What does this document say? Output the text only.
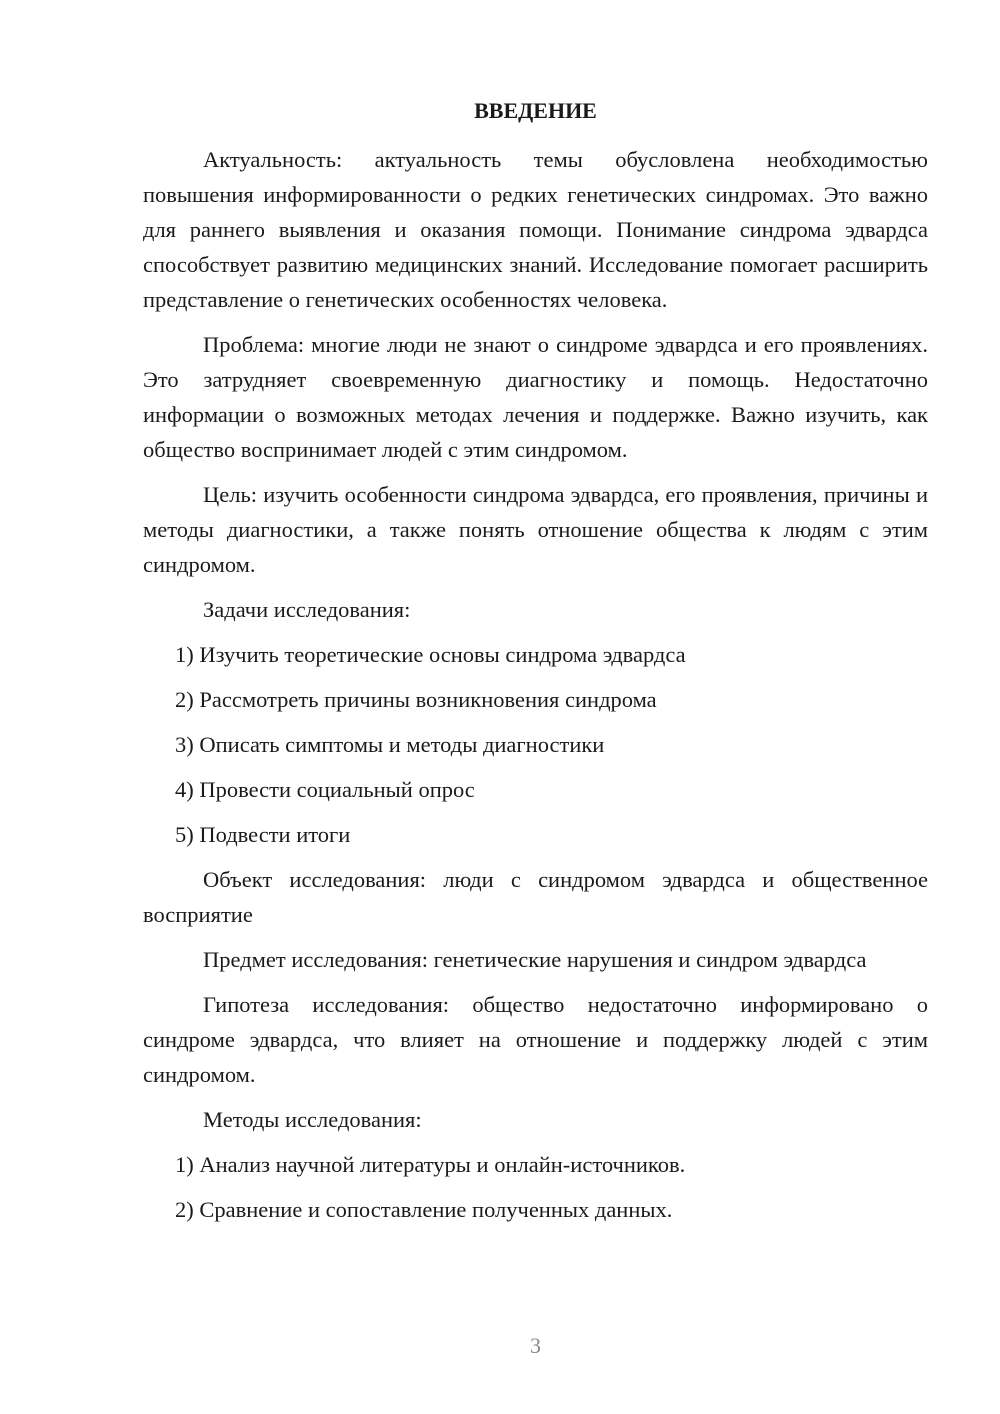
ВВЕДЕНИЕ

Актуальность: актуальность темы обусловлена необходимостью повышения информированности о редких генетических синдромах. Это важно для раннего выявления и оказания помощи. Понимание синдрома эдвардса способствует развитию медицинских знаний. Исследование помогает расширить представление о генетических особенностях человека.

Проблема: многие люди не знают о синдроме эдвардса и его проявлениях. Это затрудняет своевременную диагностику и помощь. Недостаточно информации о возможных методах лечения и поддержке. Важно изучить, как общество воспринимает людей с этим синдромом.

Цель: изучить особенности синдрома эдвардса, его проявления, причины и методы диагностики, а также понять отношение общества к людям с этим синдромом.

Задачи исследования:

1) Изучить теоретические основы синдрома эдвардса

2) Рассмотреть причины возникновения синдрома

3) Описать симптомы и методы диагностики

4) Провести социальный опрос

5) Подвести итоги

Объект исследования: люди с синдромом эдвардса и общественное восприятие

Предмет исследования: генетические нарушения и синдром эдвардса

Гипотеза исследования: общество недостаточно информировано о синдроме эдвардса, что влияет на отношение и поддержку людей с этим синдромом.

Методы исследования:

1) Анализ научной литературы и онлайн-источников.

2) Сравнение и сопоставление полученных данных.

3
